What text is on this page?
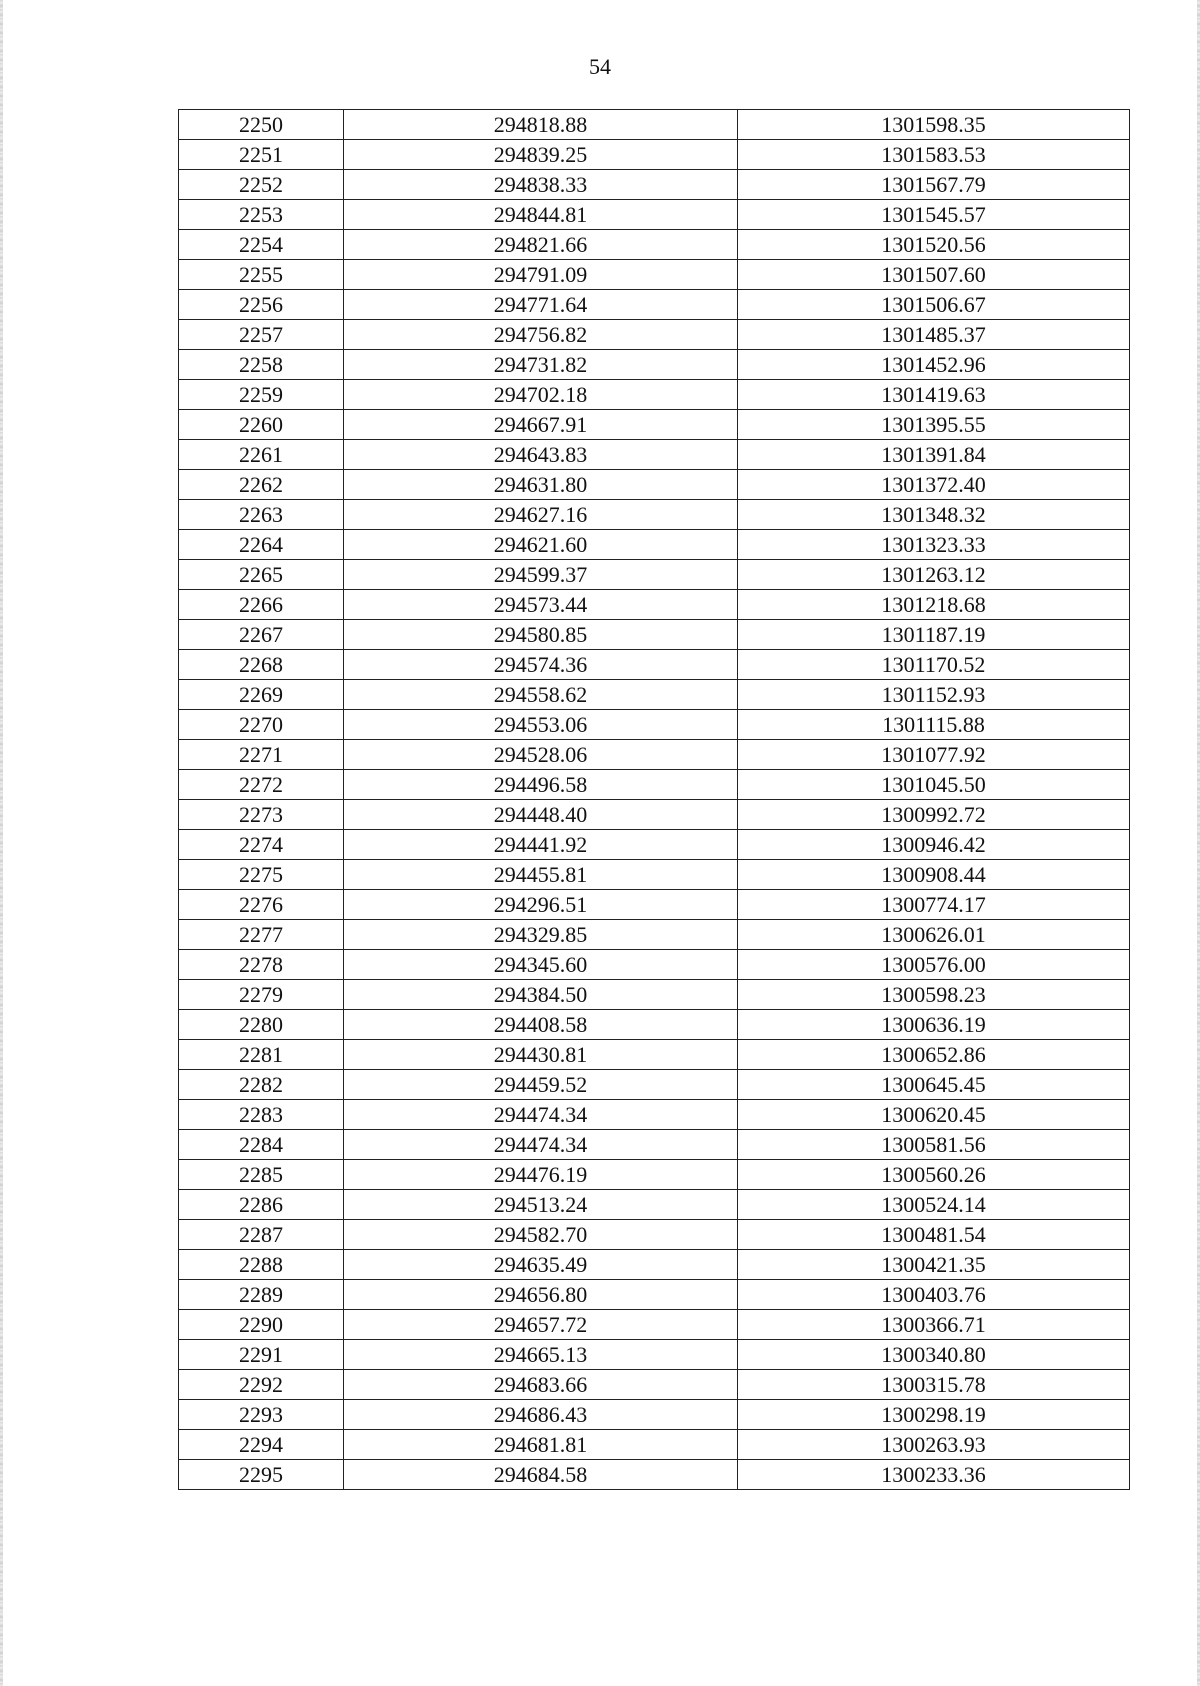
54
2250	294818.88	1301598.35
2251	294839.25	1301583.53
2252	294838.33	1301567.79
2253	294844.81	1301545.57
2254	294821.66	1301520.56
2255	294791.09	1301507.60
2256	294771.64	1301506.67
2257	294756.82	1301485.37
2258	294731.82	1301452.96
2259	294702.18	1301419.63
2260	294667.91	1301395.55
2261	294643.83	1301391.84
2262	294631.80	1301372.40
2263	294627.16	1301348.32
2264	294621.60	1301323.33
2265	294599.37	1301263.12
2266	294573.44	1301218.68
2267	294580.85	1301187.19
2268	294574.36	1301170.52
2269	294558.62	1301152.93
2270	294553.06	1301115.88
2271	294528.06	1301077.92
2272	294496.58	1301045.50
2273	294448.40	1300992.72
2274	294441.92	1300946.42
2275	294455.81	1300908.44
2276	294296.51	1300774.17
2277	294329.85	1300626.01
2278	294345.60	1300576.00
2279	294384.50	1300598.23
2280	294408.58	1300636.19
2281	294430.81	1300652.86
2282	294459.52	1300645.45
2283	294474.34	1300620.45
2284	294474.34	1300581.56
2285	294476.19	1300560.26
2286	294513.24	1300524.14
2287	294582.70	1300481.54
2288	294635.49	1300421.35
2289	294656.80	1300403.76
2290	294657.72	1300366.71
2291	294665.13	1300340.80
2292	294683.66	1300315.78
2293	294686.43	1300298.19
2294	294681.81	1300263.93
2295	294684.58	1300233.36
